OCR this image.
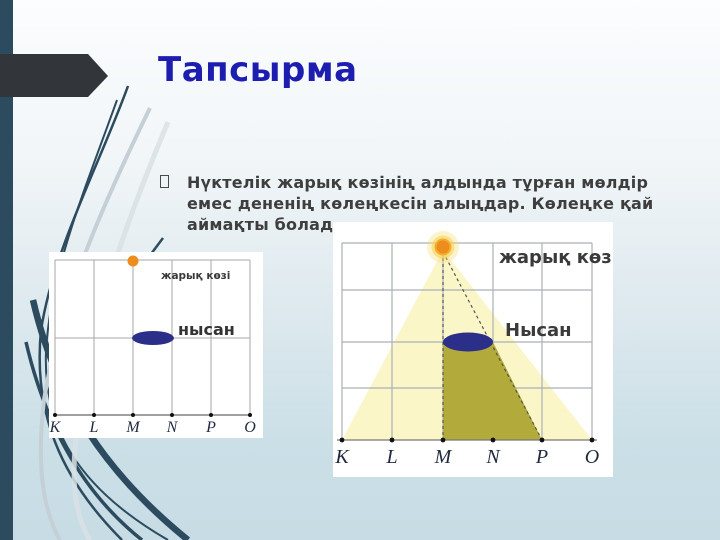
Тапсырма
Нүктелік жарық көзінің алдында тұрған мөлдір
емес дененің көлеңкесін алыңдар. Көлеңке қай
аймақты болад
жарық көзі
нысан
K L M N P O
жарық көзі
Нысан
K L M N P O
